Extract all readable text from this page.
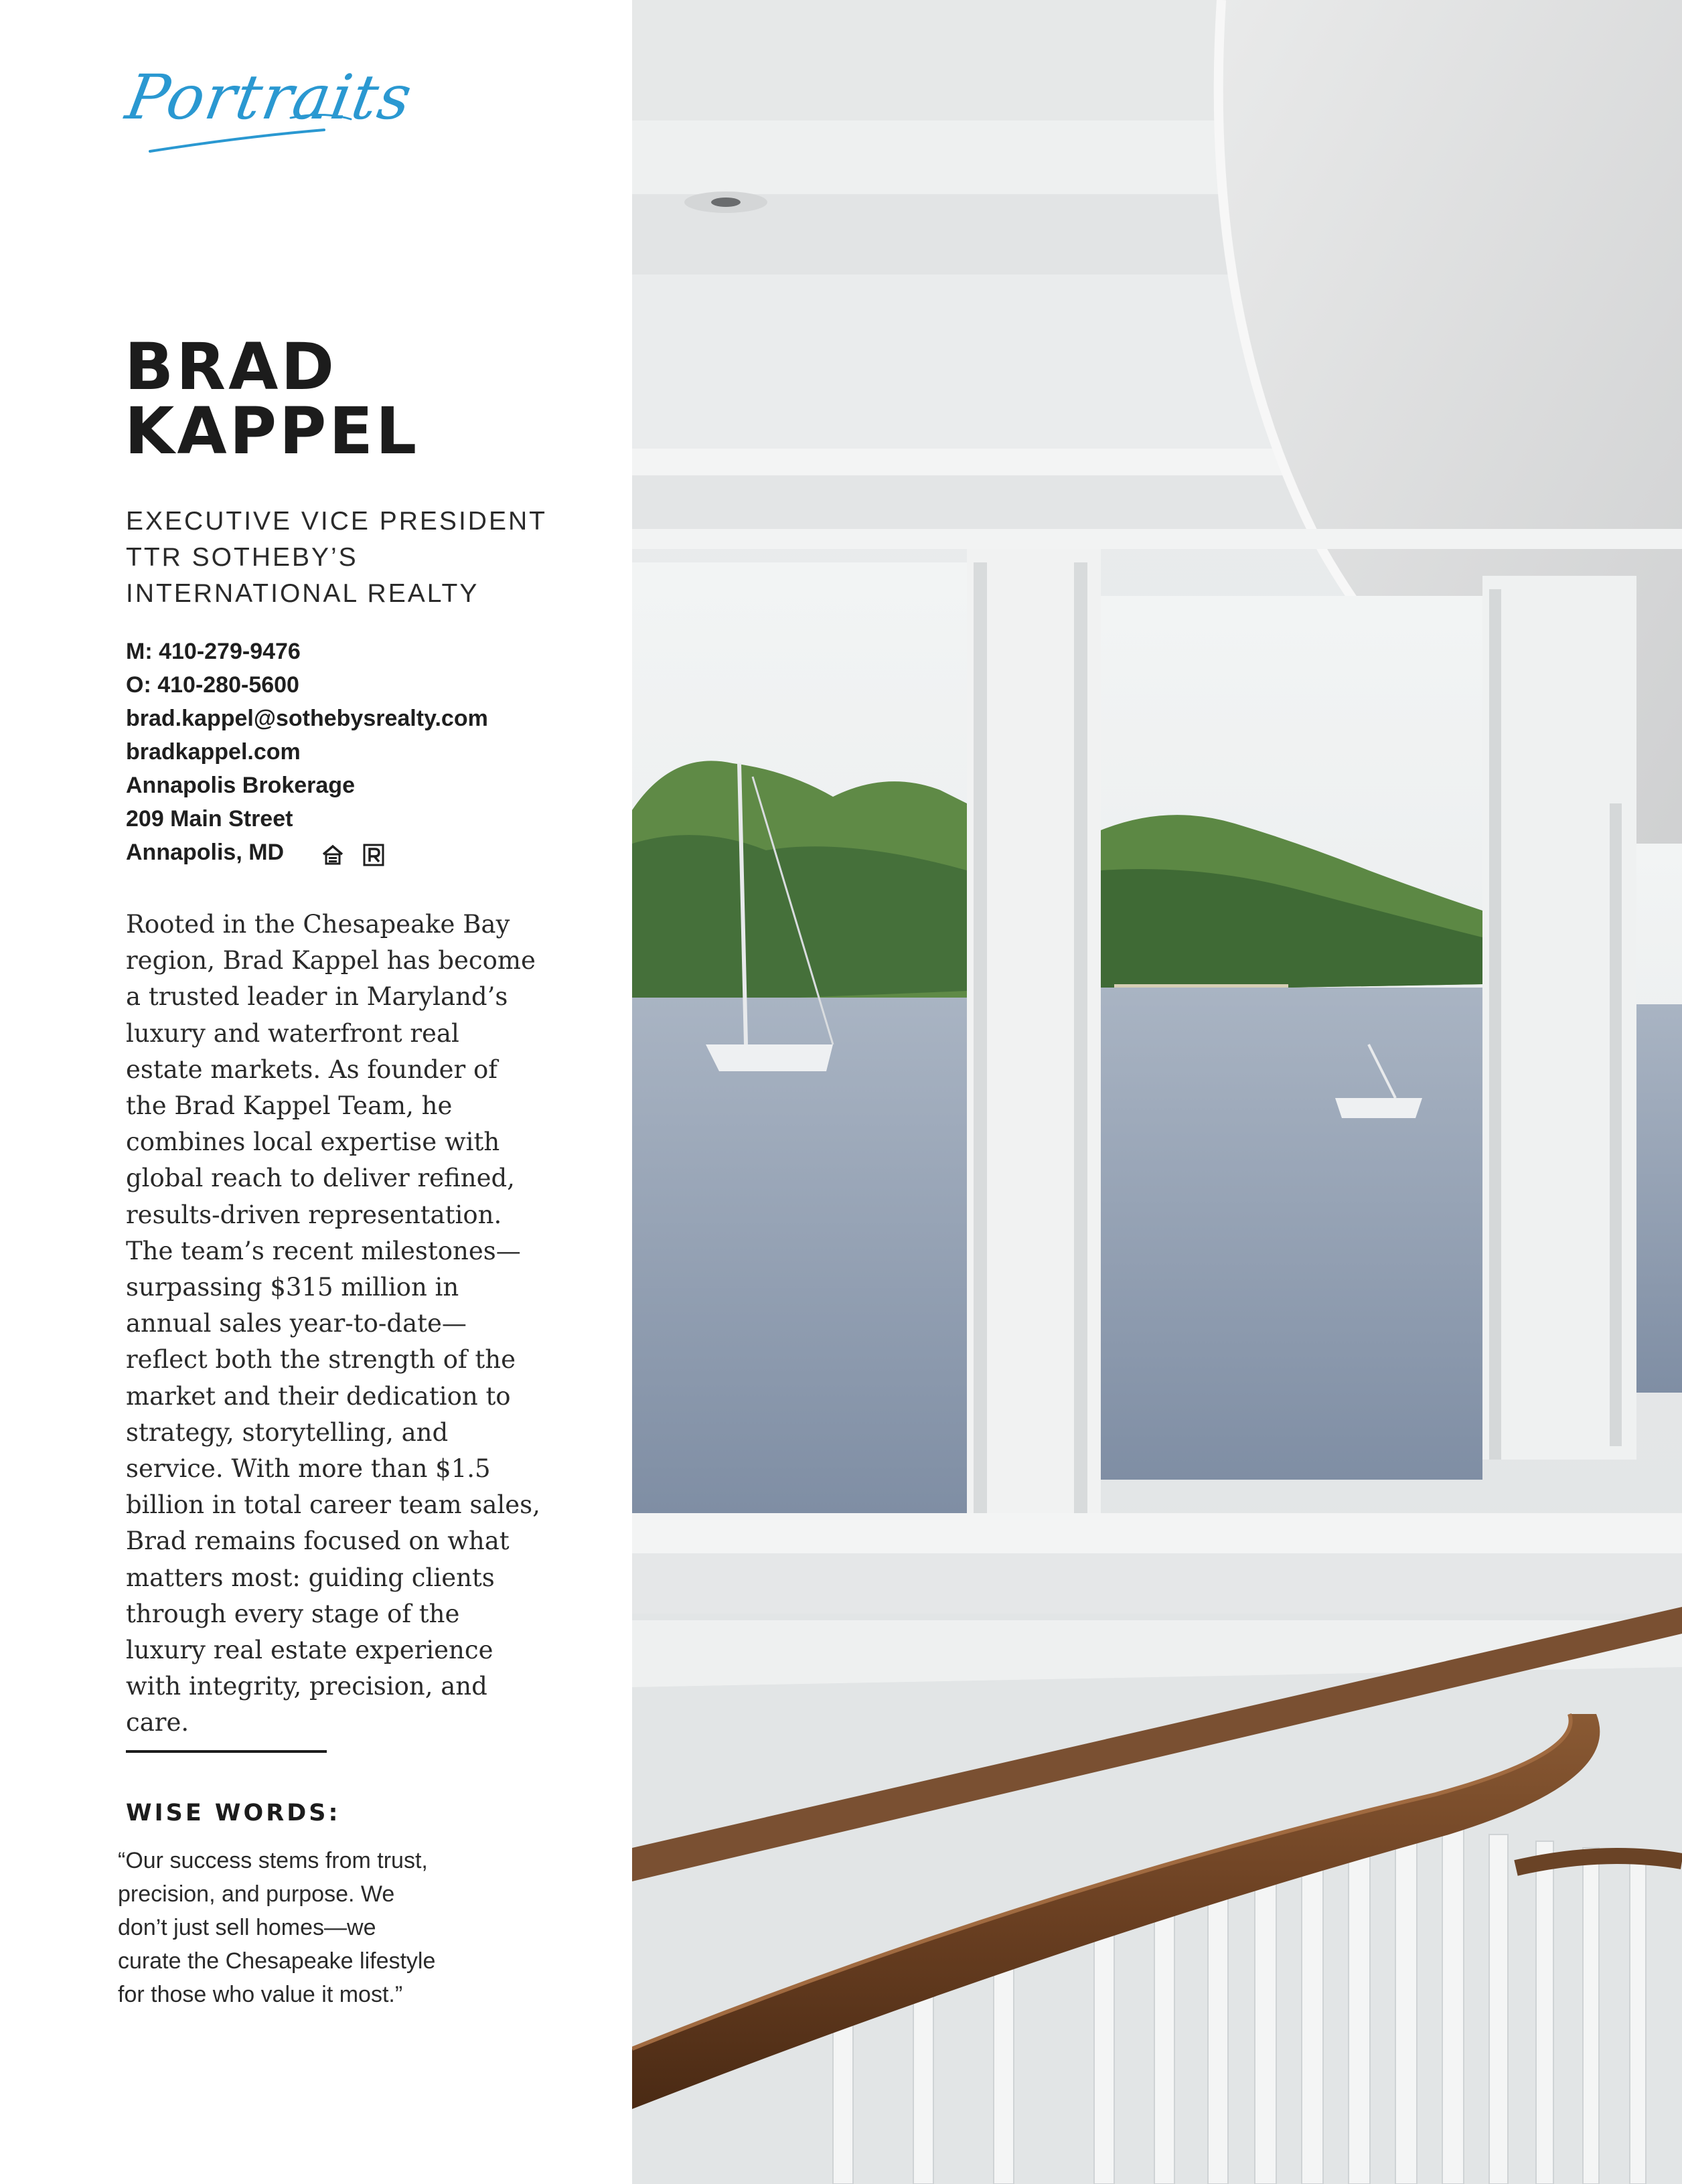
Portraits
BRAD
KAPPEL
EXECUTIVE VICE PRESIDENT
TTR SOTHEBY’S
INTERNATIONAL REALTY
M: 410-279-9476
O: 410-280-5600
brad.kappel@sothebysrealty.com
bradkappel.com
Annapolis Brokerage
209 Main Street
Annapolis, MD

Rooted in the Chesapeake Bay region, Brad Kappel has become a trusted leader in Maryland’s luxury and waterfront real estate markets. As founder of the Brad Kappel Team, he combines local expertise with global reach to deliver refined, results-driven representation. The team’s recent milestones—surpassing $315 million in annual sales year-to-date—reflect both the strength of the market and their dedication to strategy, storytelling, and service. With more than $1.5 billion in total career team sales, Brad remains focused on what matters most: guiding clients through every stage of the luxury real estate experience with integrity, precision, and care.

WISE WORDS:

“Our success stems from trust,
precision, and purpose. We
don’t just sell homes—we
curate the Chesapeake lifestyle
for those who value it most.”
